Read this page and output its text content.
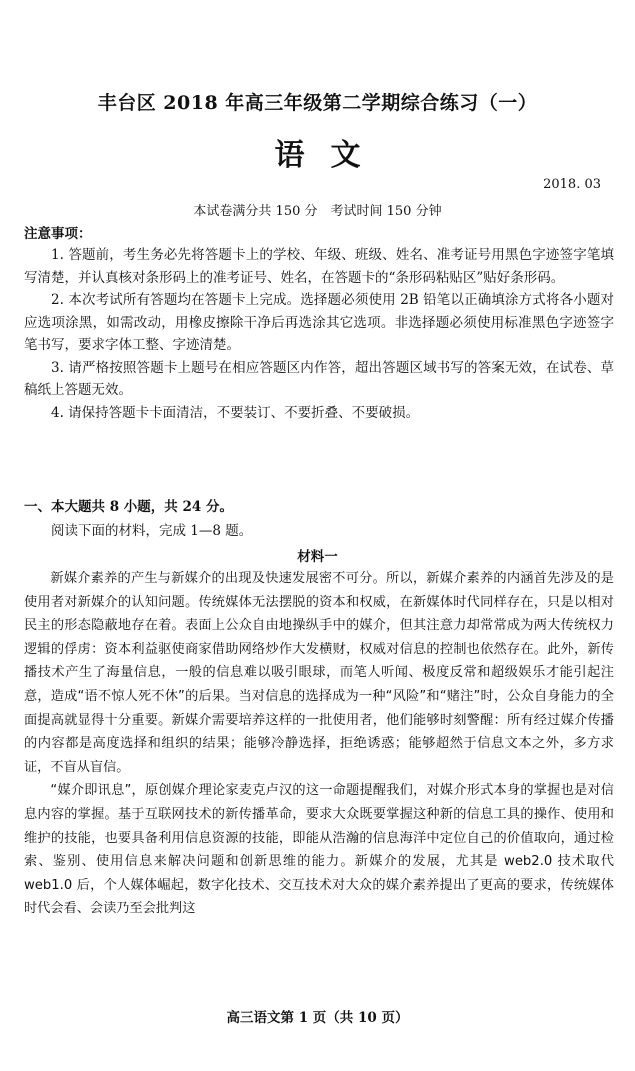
丰台区 2018 年高三年级第二学期综合练习（一）
语文
2018. 03
本试卷满分共 150 分　考试时间 150 分钟
注意事项：

1. 答题前，考生务必先将答题卡上的学校、年级、班级、姓名、准考证号用黑色字迹签字笔填写清楚，并认真核对条形码上的准考证号、姓名，在答题卡的“条形码粘贴区”贴好条形码。

2. 本次考试所有答题均在答题卡上完成。选择题必须使用 2B 铅笔以正确填涂方式将各小题对应选项涂黑，如需改动，用橡皮擦除干净后再选涂其它选项。非选择题必须使用标准黑色字迹签字笔书写，要求字体工整、字迹清楚。

3. 请严格按照答题卡上题号在相应答题区内作答，超出答题区域书写的答案无效，在试卷、草稿纸上答题无效。

4. 请保持答题卡卡面清洁，不要装订、不要折叠、不要破损。

一、本大题共 8 小题，共 24 分。
阅读下面的材料，完成 1—8 题。
材料一

新媒介素养的产生与新媒介的出现及快速发展密不可分。所以，新媒介素养的内涵首先涉及的是使用者对新媒介的认知问题。传统媒体无法摆脱的资本和权威，在新媒体时代同样存在，只是以相对民主的形态隐蔽地存在着。表面上公众自由地操纵手中的媒介，但其注意力却常常成为两大传统权力逻辑的俘虏：资本利益驱使商家借助网络炒作大发横财，权威对信息的控制也依然存在。此外，新传播技术产生了海量信息，一般的信息难以吸引眼球，而笔人听闻、极度反常和超级娱乐才能引起注意，造成“语不惊人死不休”的后果。当对信息的选择成为一种“风险”和“赌注”时，公众自身能力的全面提高就显得十分重要。新媒介需要培养这样的一批使用者，他们能够时刻警醒：所有经过媒介传播的内容都是高度选择和组织的结果；能够冷静选择，拒绝诱惑；能够超然于信息文本之外，多方求证，不盲从盲信。

“媒介即讯息”，原创媒介理论家麦克卢汉的这一命题提醒我们，对媒介形式本身的掌握也是对信息内容的掌握。基于互联网技术的新传播革命，要求大众既要掌握这种新的信息工具的操作、使用和维护的技能，也要具备利用信息资源的技能，即能从浩瀚的信息海洋中定位自己的价值取向，通过检索、鉴别、使用信息来解决问题和创新思维的能力。新媒介的发展，尤其是 web2.0 技术取代 web1.0 后，个人媒体崛起，数字化技术、交互技术对大众的媒介素养提出了更高的要求，传统媒体时代会看、会读乃至会批判这

高三语文第 1 页（共 10 页）
